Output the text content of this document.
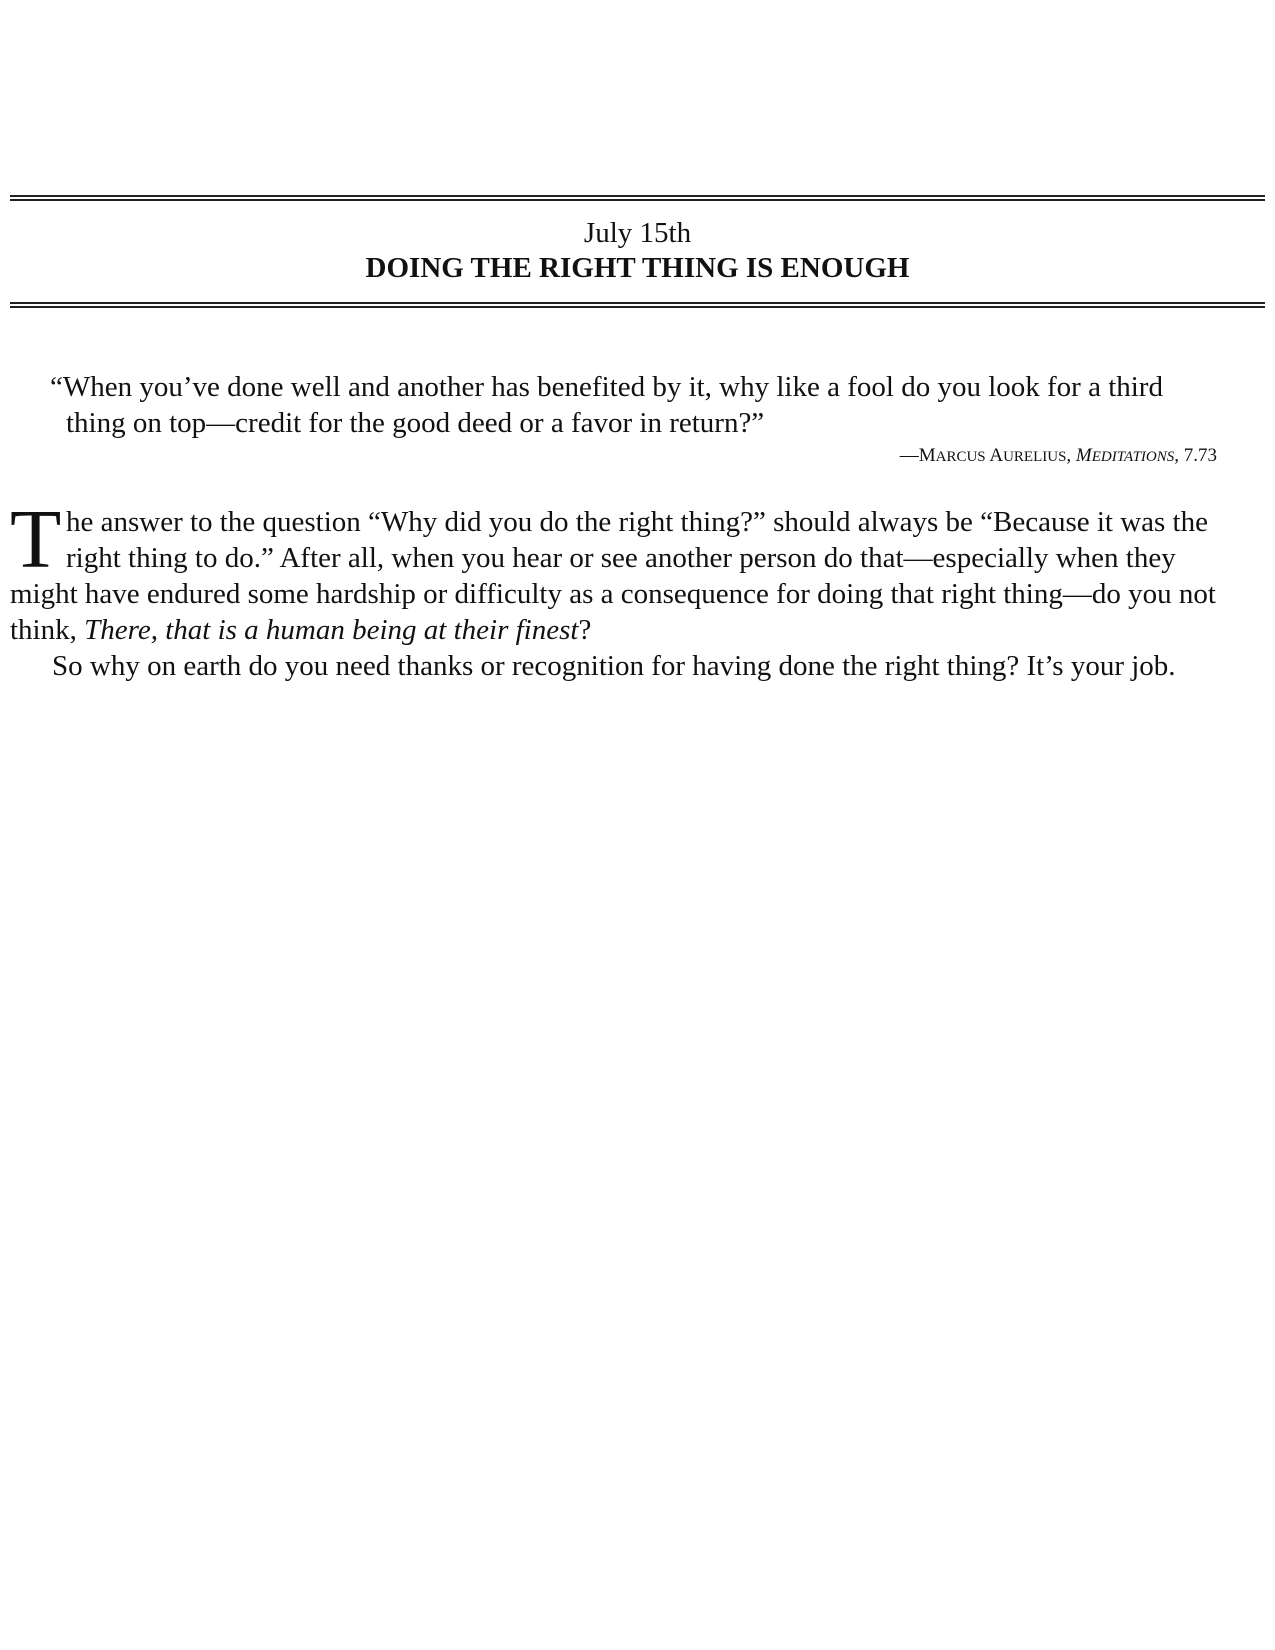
July 15th
DOING THE RIGHT THING IS ENOUGH
“When you’ve done well and another has benefited by it, why like a fool do you look for a third
thing on top—credit for the good deed or a favor in return?”
—MARCUS AURELIUS, MEDITATIONS, 7.73
T he answer to the question “Why did you do the right thing?” should always be “Because it was the
right thing to do.” After all, when you hear or see another person do that—especially when they
might have endured some hardship or difficulty as a consequence for doing that right thing—do you not
think, There, that is a human being at their finest?
So why on earth do you need thanks or recognition for having done the right thing? It’s your job.
